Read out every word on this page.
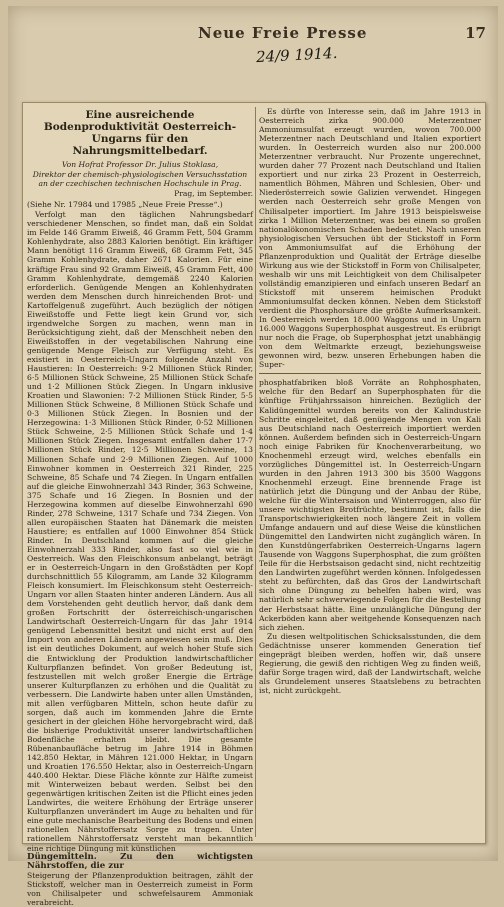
Neue Freie Presse	17
24/9 1914.
Eine ausreichende Bodenproduktivität Oesterreich-Ungarns für den Nahrungsmittelbedarf.
Von Hofrat Professor Dr. Julius Stoklasa,
Direktor der chemisch-physiologischen Versuchsstation an der czechischen technischen Hochschule in Prag.
Prag, im September.
(Siehe Nr. 17984 und 17985 „Neue Freie Presse“.)

Verfolgt man den täglichen Nahrungsbedarf verschiedener Menschen, so findet man, daß ein Soldat im Felde 146 Gramm Eiweiß, 46 Gramm Fett, 504 Gramm Kohlenhydrate, also 2883 Kalorien benötigt. Ein kräftiger Mann benötigt 116 Gramm Eiweiß, 68 Gramm Fett, 345 Gramm Kohlenhydrate, daher 2671 Kalorien. Für eine kräftige Frau sind 92 Gramm Eiweiß, 45 Gramm Fett, 400 Gramm Kohlenhydrate, demgemäß 2240 Kalorien erforderlich. Genügende Mengen an Kohlenhydraten werden dem Menschen durch hinreichenden Brot- und Kartoffelgenuß zugeführt. Auch bezüglich der nötigen Eiweißstoffe und Fette liegt kein Grund vor, sich irgendwelche Sorgen zu machen, wenn man in Berücksichtigung zieht, daß der Menschheit neben den Eiweißstoffen in der vegetabilischen Nahrung eine genügende Menge Fleisch zur Verfügung steht. Es existiert in Oesterreich-Ungarn folgende Anzahl von Haustieren: In Oesterreich: 9·2 Millionen Stück Rinder, 6·5 Millionen Stück Schweine, 25 Millionen Stück Schafe und 1·2 Millionen Stück Ziegen. In Ungarn inklusive Kroatien und Slawonien: 7·2 Millionen Stück Rinder, 5·5 Millionen Stück Schweine, 8 Millionen Stück Schafe und 0·3 Millionen Stück Ziegen. In Bosnien und der Herzegowina: 1·3 Millionen Stück Rinder, 0·52 Millionen Stück Schweine, 2·5 Millionen Stück Schafe und 1·4 Millionen Stück Ziegen. Insgesamt entfallen daher 17·7 Millionen Stück Rinder, 12·5 Millionen Schweine, 13 Millionen Schafe und 2·9 Millionen Ziegen. Auf 1000 Einwohner kommen in Oesterreich 321 Rinder, 225 Schweine, 85 Schafe und 74 Ziegen. In Ungarn entfallen auf die gleiche Einwohnerzahl 343 Rinder, 363 Schweine, 375 Schafe und 16 Ziegen. In Bosnien und der Herzegowina kommen auf dieselbe Einwohnerzahl 690 Rinder, 278 Schweine, 1317 Schafe und 734 Ziegen. Von allen europäischen Staaten hat Dänemark die meisten Haustiere; es entfallen auf 1000 Einwohner 854 Stück Rinder. In Deutschland kommen auf die gleiche Einwohnerzahl 333 Rinder, also fast so viel wie in Oesterreich. Was den Fleischkonsum anbelangt, beträgt er in Oesterreich-Ungarn in den Großstädten per Kopf durchschnittlich 55 Kilogramm, am Lande 32 Kilogramm Fleisch konsumiert. Im Fleischkonsum steht Oesterreich-Ungarn vor allen Staaten hinter anderen Ländern. Aus all dem Vorstehenden geht deutlich hervor, daß dank dem großen Fortschritt der österreichisch-ungarischen Landwirtschaft Oesterreich-Ungarn für das Jahr 1914 genügend Lebensmittel besitzt und nicht erst auf den Import von anderen Ländern angewiesen sein muß. Dies ist ein deutliches Dokument, auf welch hoher Stufe sich die Entwicklung der Produktion landwirtschaftlicher Kulturpflanzen befindet. Von großer Bedeutung ist, festzustellen mit welch großer Energie die Erträge unserer Kulturpflanzen zu erhöhen und die Qualität zu verbessern. Die Landwirte haben unter allen Umständen, mit allen verfügbaren Mitteln, schon heute dafür zu sorgen, daß auch im kommenden Jahre die Ernte gesichert in der gleichen Höhe hervorgebracht wird, daß die bisherige Produktivität unserer landwirtschaftlichen Bodenfläche erhalten bleibt. Die gesamte Rübenanbaufläche betrug im Jahre 1914 in Böhmen 142.850 Hektar, in Mähren 121.000 Hektar, in Ungarn und Kroatien 176.550 Hektar, also in Oesterreich-Ungarn 440.400 Hektar. Diese Fläche könnte zur Hälfte zumeist mit Winterweizen bebaut werden. Selbst bei den gegenwärtigen kritischen Zeiten ist die Pflicht eines jeden Landwirtes, die weitere Erhöhung der Erträge unserer Kulturpflanzen unverändert im Auge zu behalten und für eine gute mechanische Bearbeitung des Bodens und einen rationellen Nährstoffersatz Sorge zu tragen. Unter rationellem Nährstoffersatz versteht man bekanntlich eine richtige Düngung mit künstlichen

Düngemitteln. Zu den wichtigsten Nährstoffen, die zur

Steigerung der Pflanzenproduktion beitragen, zählt der Stickstoff, welcher man in Oesterreich zumeist in Form von Chilisalpeter und schwefelsaurem Ammoniak verabreicht.

Es dürfte von Interesse sein, daß im Jahre 1913 in Oesterreich zirka 900.000 Meterzentner Ammoniumsulfat erzeugt wurden, wovon 700.000 Meterzentner nach Deutschland und Italien exportiert wurden. In Oesterreich wurden also nur 200.000 Meterzentner verbraucht. Nur Prozente ungerechnet, wurden daher 77 Prozent nach Deutschland und Italien exportiert und nur zirka 23 Prozent in Oesterreich, namentlich Böhmen, Mähren und Schlesien, Ober- und Niederösterreich sowie Galizien verwendet. Hingegen werden nach Oesterreich sehr große Mengen von Chilisalpeter importiert. Im Jahre 1913 beispielsweise zirka 1 Million Meterzentner, was bei einem so großen nationalökonomischen Schaden bedeutet. Nach unseren physiologischen Versuchen übt der Stickstoff in Form von Ammoniumsulfat auf die Erhöhung der Pflanzenproduktion und Qualität der Erträge dieselbe Wirkung aus wie der Stickstoff in Form von Chilisalpeter, weshalb wir uns mit Leichtigkeit von dem Chilisalpeter vollständig emanzipieren und einfach unseren Bedarf an Stickstoff mit unserem heimischen Produkt Ammoniumsulfat decken können. Neben dem Stickstoff verdient die Phosphorsäure die größte Aufmerksamkeit. In Oesterreich werden 18.000 Waggons und in Ungarn 16.000 Waggons Superphosphat ausgestreut. Es erübrigt nur noch die Frage, ob Superphosphat jetzt unabhängig von dem Weltmarkte erzeugt, beziehungsweise gewonnen wird, bezw. unseren Erhebungen haben die Super-

phosphatfabriken bloß Vorräte an Rohphosphaten, welche für den Bedarf an Superphosphaten für die künftige Frühjahrssaison hinreichen. Bezüglich der Kalidüngemittel wurden bereits von der Kalindustrie Schritte eingeleitet, daß genügende Mengen von Kali aus Deutschland nach Oesterreich importiert werden können. Außerdem befinden sich in Oesterreich-Ungarn noch einige Fabriken für Knochenverarbeitung, wo Knochenmehl erzeugt wird, welches ebenfalls ein vorzügliches Düngemittel ist. In Oesterreich-Ungarn wurden in den Jahren 1913 300 bis 3500 Waggons Knochenmehl erzeugt. Eine brennende Frage ist natürlich jetzt die Düngung und der Anbau der Rübe, welche für die Wintersaison und Winterroggen, also für unsere wichtigsten Brotfrüchte, bestimmt ist, falls die Transportschwierigkeiten noch längere Zeit in vollem Umfange andauern und auf diese Weise die künstlichen Düngemittel den Landwirten nicht zugänglich wären. In den Kunstdüngerfabriken Oesterreich-Ungarns lagern Tausende von Waggons Superphosphat, die zum größten Teile für die Herbstsaison gedacht sind, nicht rechtzeitig den Landwirten zugeführt werden können. Infolgedessen steht zu befürchten, daß das Gros der Landwirtschaft sich ohne Düngung zu behelfen haben wird, was natürlich sehr schwerwiegende Folgen für die Bestellung der Herbstsaat hätte. Eine unzulängliche Düngung der Ackerböden kann aber weitgehende Konsequenzen nach sich ziehen.

Zu diesen weltpolitischen Schicksalsstunden, die dem Gedächtnisse unserer kommenden Generation tief eingeprägt bleiben werden, hoffen wir, daß unsere Regierung, die gewiß den richtigen Weg zu finden weiß, dafür Sorge tragen wird, daß der Landwirtschaft, welche als Grundelement unseres Staatslebens zu betrachten ist, nicht zurückgeht.
